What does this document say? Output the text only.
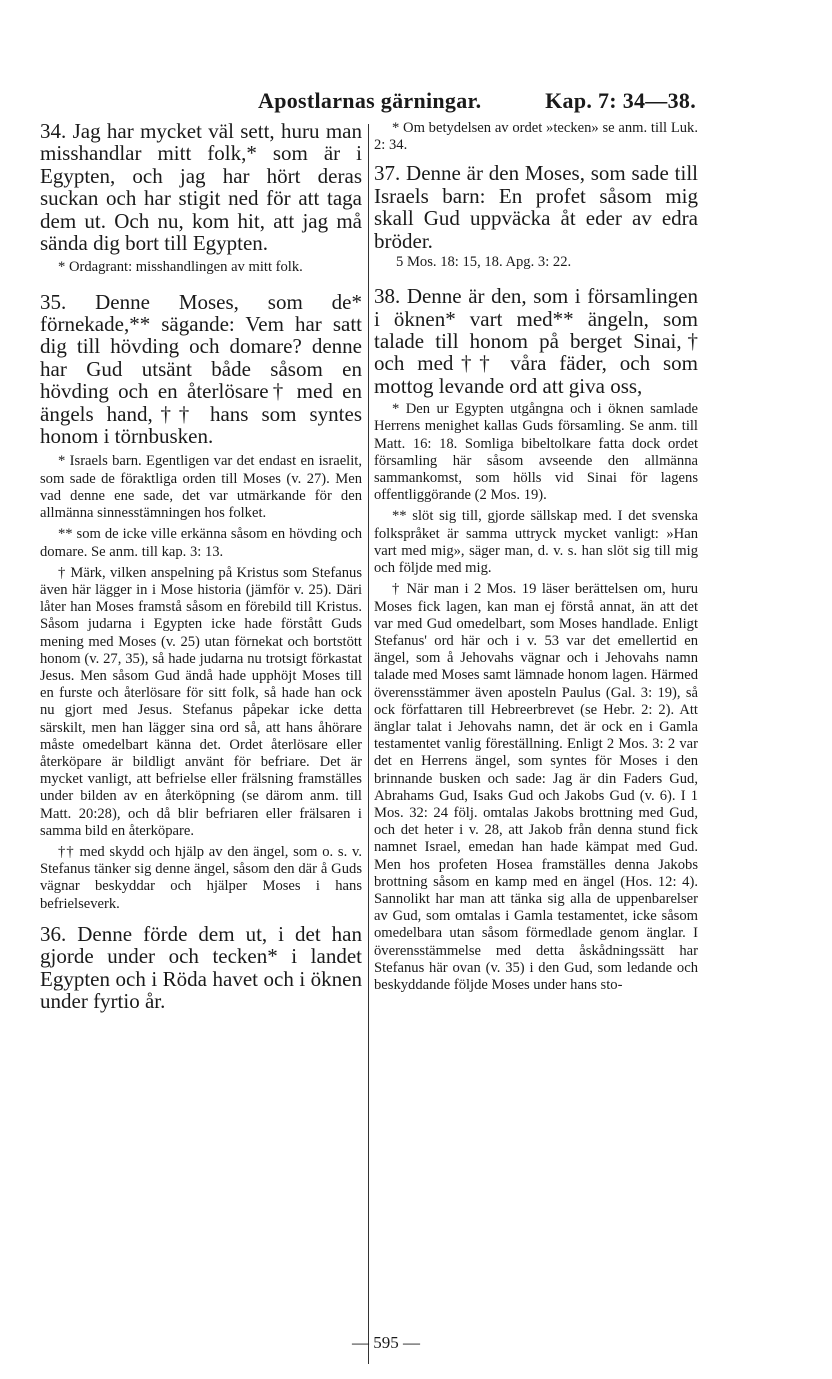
Apostlarnas gärningar.	Kap. 7: 34—38.

34. Jag har mycket väl sett, huru man misshandlar mitt folk,* som är i Egypten, och jag har hört deras suckan och har stigit ned för att taga dem ut. Och nu, kom hit, att jag må sända dig bort till Egypten.

* Ordagrant: misshandlingen av mitt folk.

35. Denne Moses, som de* förnekade,** sägande: Vem har satt dig till hövding och domare? denne har Gud utsänt både såsom en hövding och en återlösare† med en ängels hand,†† hans som syntes honom i törnbusken.

* Israels barn. Egentligen var det endast en israelit, som sade de föraktliga orden till Moses (v. 27). Men vad denne ene sade, det var utmärkande för den allmänna sinnesstämningen hos folket.

** som de icke ville erkänna såsom en hövding och domare. Se anm. till kap. 3: 13.

† Märk, vilken anspelning på Kristus som Stefanus även här lägger in i Mose historia (jämför v. 25). Däri låter han Moses framstå såsom en förebild till Kristus. Såsom judarna i Egypten icke hade förstått Guds mening med Moses (v. 25) utan förnekat och bortstött honom (v. 27, 35), så hade judarna nu trotsigt förkastat Jesus. Men såsom Gud ändå hade upphöjt Moses till en furste och återlösare för sitt folk, så hade han ock nu gjort med Jesus. Stefanus påpekar icke detta särskilt, men han lägger sina ord så, att hans åhörare måste omedelbart känna det. Ordet återlösare eller återköpare är bildligt använt för befriare. Det är mycket vanligt, att befrielse eller frälsning framställes under bilden av en återköpning (se därom anm. till Matt. 20:28), och då blir befriaren eller frälsaren i samma bild en återköpare.

†† med skydd och hjälp av den ängel, som o. s. v. Stefanus tänker sig denne ängel, såsom den där å Guds vägnar beskyddar och hjälper Moses i hans befrielseverk.

36. Denne förde dem ut, i det han gjorde under och tecken* i landet Egypten och i Röda havet och i öknen under fyrtio år.

* Om betydelsen av ordet »tecken» se anm. till Luk. 2: 34.

37. Denne är den Moses, som sade till Israels barn: En profet såsom mig skall Gud uppväcka åt eder av edra bröder.

5 Mos. 18: 15, 18. Apg. 3: 22.

38. Denne är den, som i församlingen i öknen* vart med** ängeln, som talade till honom på berget Sinai,† och med†† våra fäder, och som mottog levande ord att giva oss,

* Den ur Egypten utgångna och i öknen samlade Herrens menighet kallas Guds församling. Se anm. till Matt. 16: 18. Somliga bibeltolkare fatta dock ordet församling här såsom avseende den allmänna sammankomst, som hölls vid Sinai för lagens offentliggörande (2 Mos. 19).

** slöt sig till, gjorde sällskap med. I det svenska folkspråket är samma uttryck mycket vanligt: »Han vart med mig», säger man, d. v. s. han slöt sig till mig och följde med mig.

† När man i 2 Mos. 19 läser berättelsen om, huru Moses fick lagen, kan man ej förstå annat, än att det var med Gud omedelbart, som Moses handlade. Enligt Stefanus' ord här och i v. 53 var det emellertid en ängel, som å Jehovahs vägnar och i Jehovahs namn talade med Moses samt lämnade honom lagen. Härmed överensstämmer även aposteln Paulus (Gal. 3: 19), så ock författaren till Hebreerbrevet (se Hebr. 2: 2). Att änglar talat i Jehovahs namn, det är ock en i Gamla testamentet vanlig föreställning. Enligt 2 Mos. 3: 2 var det en Herrens ängel, som syntes för Moses i den brinnande busken och sade: Jag är din Faders Gud, Abrahams Gud, Isaks Gud och Jakobs Gud (v. 6). I 1 Mos. 32: 24 följ. omtalas Jakobs brottning med Gud, och det heter i v. 28, att Jakob från denna stund fick namnet Israel, emedan han hade kämpat med Gud. Men hos profeten Hosea framställes denna Jakobs brottning såsom en kamp med en ängel (Hos. 12: 4). Sannolikt har man att tänka sig alla de uppenbarelser av Gud, som omtalas i Gamla testamentet, icke såsom omedelbara utan såsom förmedlade genom änglar. I överensstämmelse med detta åskådningssätt har Stefanus här ovan (v. 35) i den Gud, som ledande och beskyddande följde Moses under hans sto-

— 595 —
